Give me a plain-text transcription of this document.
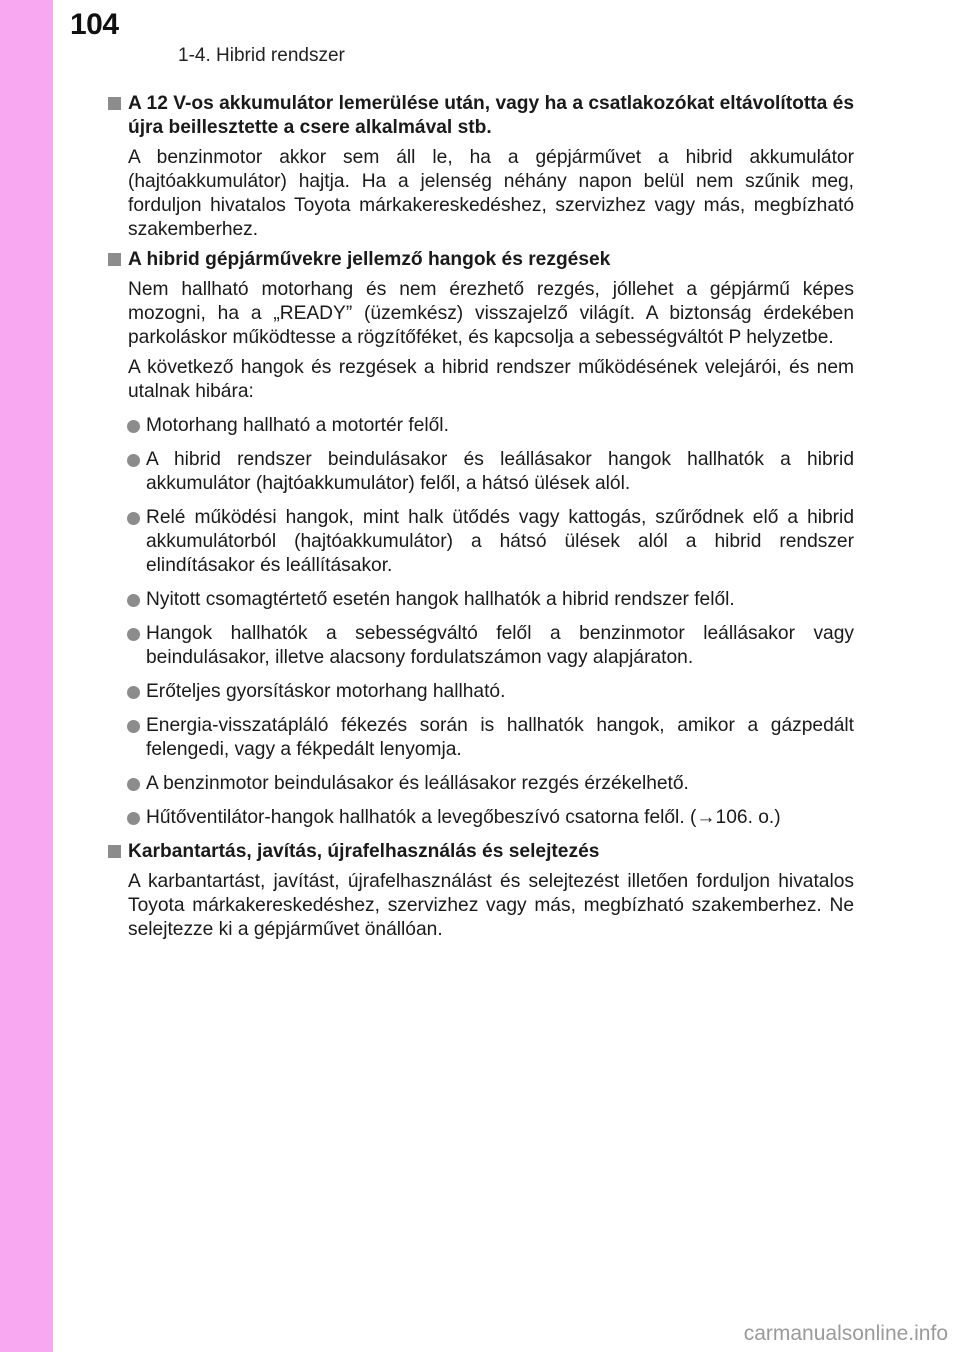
104
1-4. Hibrid rendszer
A 12 V-os akkumulátor lemerülése után, vagy ha a csatlakozókat eltávolította és újra beillesztette a csere alkalmával stb.
A benzinmotor akkor sem áll le, ha a gépjárművet a hibrid akkumulátor (hajtóakkumulátor) hajtja. Ha a jelenség néhány napon belül nem szűnik meg, forduljon hivatalos Toyota márkakereskedéshez, szervizhez vagy más, megbízható szakemberhez.
A hibrid gépjárművekre jellemző hangok és rezgések
Nem hallható motorhang és nem érezhető rezgés, jóllehet a gépjármű képes mozogni, ha a „READY” (üzemkész) visszajelző világít. A biztonság érdekében parkoláskor működtesse a rögzítőféket, és kapcsolja a sebességváltót P helyzetbe.
A következő hangok és rezgések a hibrid rendszer működésének velejárói, és nem utalnak hibára:
Motorhang hallható a motortér felől.
A hibrid rendszer beindulásakor és leállásakor hangok hallhatók a hibrid akkumulátor (hajtóakkumulátor) felől, a hátsó ülések alól.
Relé működési hangok, mint halk ütődés vagy kattogás, szűrődnek elő a hibrid akkumulátorból (hajtóakkumulátor) a hátsó ülések alól a hibrid rendszer elindításakor és leállításakor.
Nyitott csomagtértető esetén hangok hallhatók a hibrid rendszer felől.
Hangok hallhatók a sebességváltó felől a benzinmotor leállásakor vagy beindulásakor, illetve alacsony fordulatszámon vagy alapjáraton.
Erőteljes gyorsításkor motorhang hallható.
Energia-visszatápláló fékezés során is hallhatók hangok, amikor a gázpedált felengedi, vagy a fékpedált lenyomja.
A benzinmotor beindulásakor és leállásakor rezgés érzékelhető.
Hűtőventilátor-hangok hallhatók a levegőbeszívó csatorna felől. (→106. o.)
Karbantartás, javítás, újrafelhasználás és selejtezés
A karbantartást, javítást, újrafelhasználást és selejtezést illetően forduljon hivatalos Toyota márkakereskedéshez, szervizhez vagy más, megbízható szakemberhez. Ne selejtezze ki a gépjárművet önállóan.
carmanualsonline.info
